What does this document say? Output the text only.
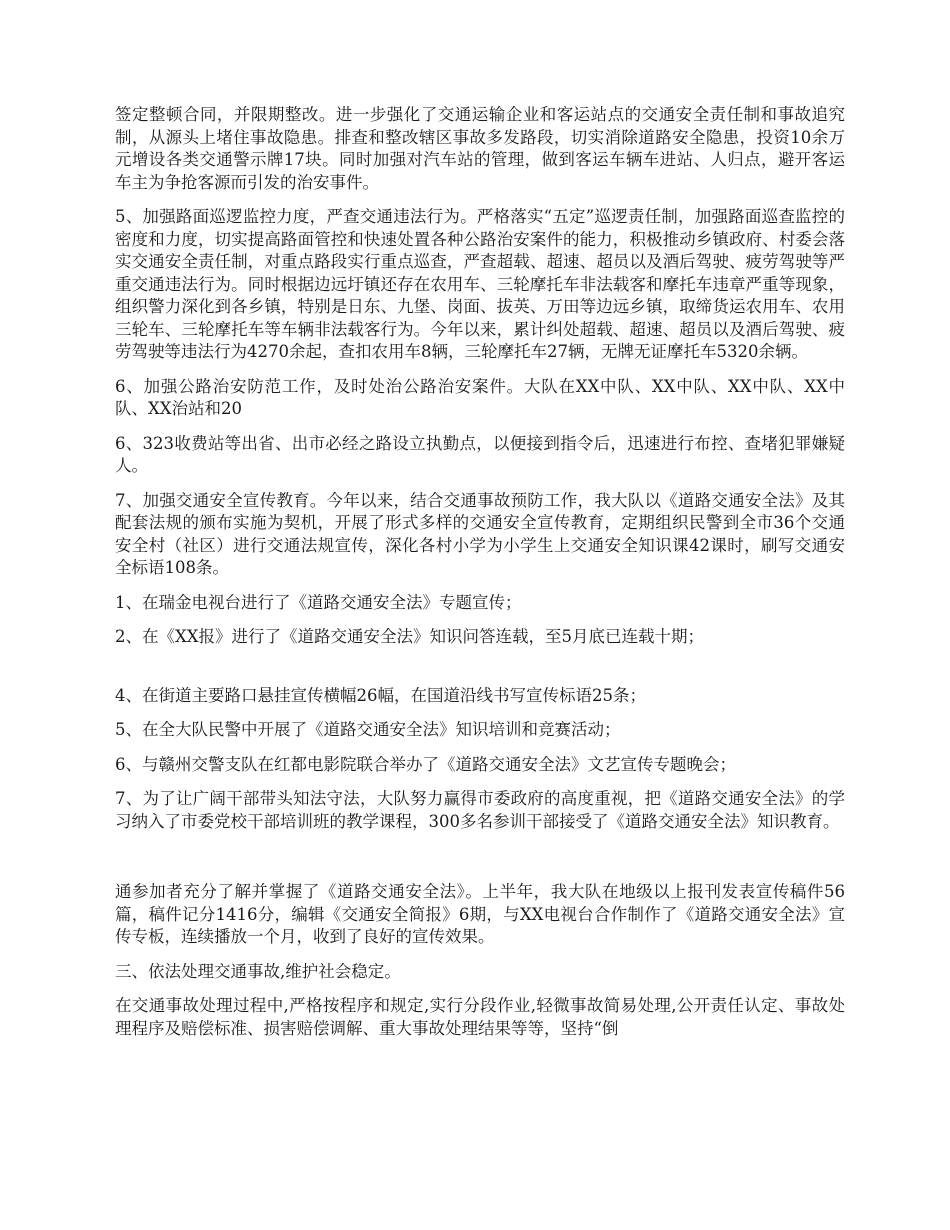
签定整顿合同，并限期整改。进一步强化了交通运输企业和客运站点的交通安全责任制和事故追究制，从源头上堵住事故隐患。排查和整改辖区事故多发路段，切实消除道路安全隐患，投资10余万元增设各类交通警示牌17块。同时加强对汽车站的管理，做到客运车辆车进站、人归点，避开客运车主为争抢客源而引发的治安事件。

5、加强路面巡逻监控力度，严查交通违法行为。严格落实“五定”巡逻责任制，加强路面巡查监控的密度和力度，切实提高路面管控和快速处置各种公路治安案件的能力，积极推动乡镇政府、村委会落实交通安全责任制，对重点路段实行重点巡查，严查超载、超速、超员以及酒后驾驶、疲劳驾驶等严重交通违法行为。同时根据边远圩镇还存在农用车、三轮摩托车非法载客和摩托车违章严重等现象，组织警力深化到各乡镇，特别是日东、九堡、岗面、拔英、万田等边远乡镇，取缔货运农用车、农用三轮车、三轮摩托车等车辆非法载客行为。今年以来，累计纠处超载、超速、超员以及酒后驾驶、疲劳驾驶等违法行为4270余起，查扣农用车8辆，三轮摩托车27辆，无牌无证摩托车5320余辆。

6、加强公路治安防范工作，及时处治公路治安案件。大队在XX中队、XX中队、XX中队、XX中队、XX治站和20

6、323收费站等出省、出市必经之路设立执勤点，以便接到指令后，迅速进行布控、查堵犯罪嫌疑人。

7、加强交通安全宣传教育。今年以来，结合交通事故预防工作，我大队以《道路交通安全法》及其配套法规的颁布实施为契机，开展了形式多样的交通安全宣传教育，定期组织民警到全市36个交通安全村（社区）进行交通法规宣传，深化各村小学为小学生上交通安全知识课42课时，刷写交通安全标语108条。

1、在瑞金电视台进行了《道路交通安全法》专题宣传；

2、在《XX报》进行了《道路交通安全法》知识问答连载，至5月底已连载十期；

4、在街道主要路口悬挂宣传横幅26幅，在国道沿线书写宣传标语25条；

5、在全大队民警中开展了《道路交通安全法》知识培训和竞赛活动；

6、与赣州交警支队在红都电影院联合举办了《道路交通安全法》文艺宣传专题晚会；

7、为了让广阔干部带头知法守法，大队努力赢得市委政府的高度重视，把《道路交通安全法》的学习纳入了市委党校干部培训班的教学课程，300多名参训干部接受了《道路交通安全法》知识教育。

通参加者充分了解并掌握了《道路交通安全法》。上半年，我大队在地级以上报刊发表宣传稿件56篇，稿件记分1416分，编辑《交通安全简报》6期，与XX电视台合作制作了《道路交通安全法》宣传专板，连续播放一个月，收到了良好的宣传效果。

三、依法处理交通事故,维护社会稳定。

在交通事故处理过程中,严格按程序和规定,实行分段作业,轻微事故简易处理,公开责任认定、事故处理程序及赔偿标准、损害赔偿调解、重大事故处理结果等等，坚持“倒
